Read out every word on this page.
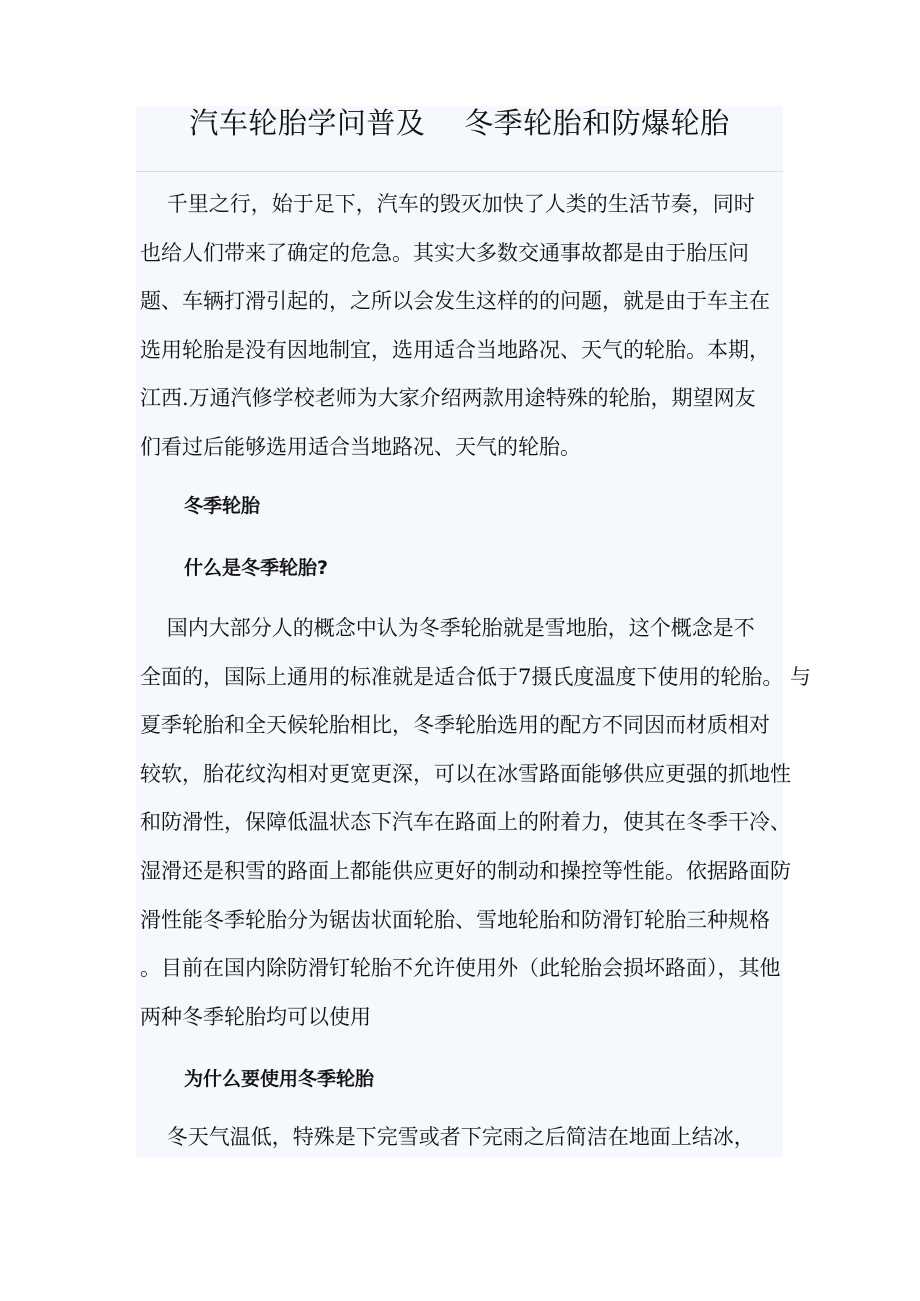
汽车轮胎学问普及    冬季轮胎和防爆轮胎
千里之行，始于足下，汽车的毁灭加快了人类的生活节奏，同时
也给人们带来了确定的危急。其实大多数交通事故都是由于胎压问
题、车辆打滑引起的，之所以会发生这样的的问题，就是由于车主在
选用轮胎是没有因地制宜，选用适合当地路况、天气的轮胎。本期，
江西.万通汽修学校老师为大家介绍两款用途特殊的轮胎，期望网友
们看过后能够选用适合当地路况、天气的轮胎。
冬季轮胎
什么是冬季轮胎?
国内大部分人的概念中认为冬季轮胎就是雪地胎，这个概念是不
全面的，国际上通用的标准就是适合低于7摄氏度温度下使用的轮胎。 与
夏季轮胎和全天候轮胎相比，冬季轮胎选用的配方不同因而材质相对
较软，胎花纹沟相对更宽更深，可以在冰雪路面能够供应更强的抓地性
和防滑性，保障低温状态下汽车在路面上的附着力，使其在冬季干冷、
湿滑还是积雪的路面上都能供应更好的制动和操控等性能。依据路面防
滑性能冬季轮胎分为锯齿状面轮胎、雪地轮胎和防滑钉轮胎三种规格
。目前在国内除防滑钉轮胎不允许使用外（此轮胎会损坏路面），其他
两种冬季轮胎均可以使用
为什么要使用冬季轮胎
冬天气温低，特殊是下完雪或者下完雨之后简洁在地面上结冰，
